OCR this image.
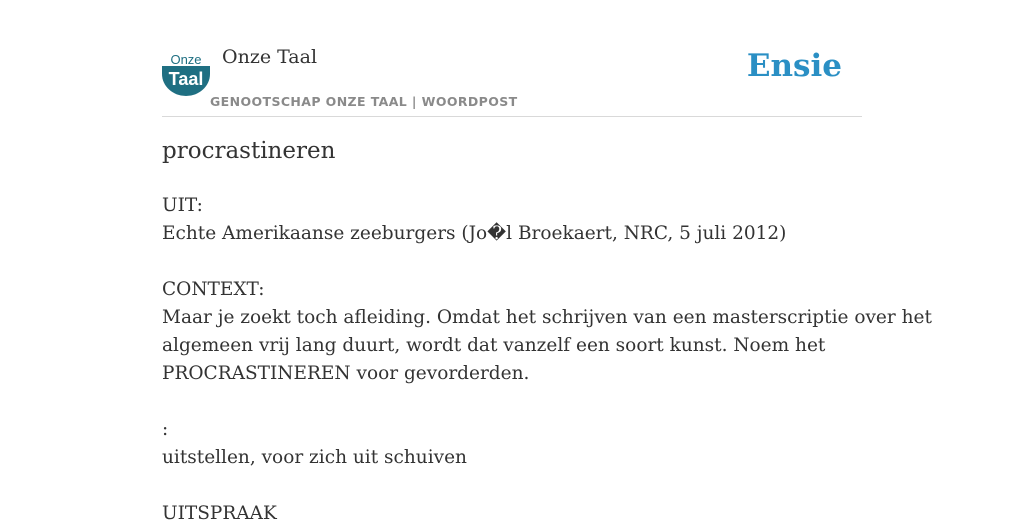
Onze
Taal
Onze Taal
GENOOTSCHAP ONZE TAAL | WOORDPOST
Ensie
procrastineren
UIT:
Echte Amerikaanse zeeburgers (Jo�l Broekaert, NRC, 5 juli 2012)
CONTEXT:
Maar je zoekt toch afleiding. Omdat het schrijven van een masterscriptie over het
algemeen vrij lang duurt, wordt dat vanzelf een soort kunst. Noem het
PROCRASTINEREN voor gevorderden.
:
uitstellen, voor zich uit schuiven
UITSPRAAK
